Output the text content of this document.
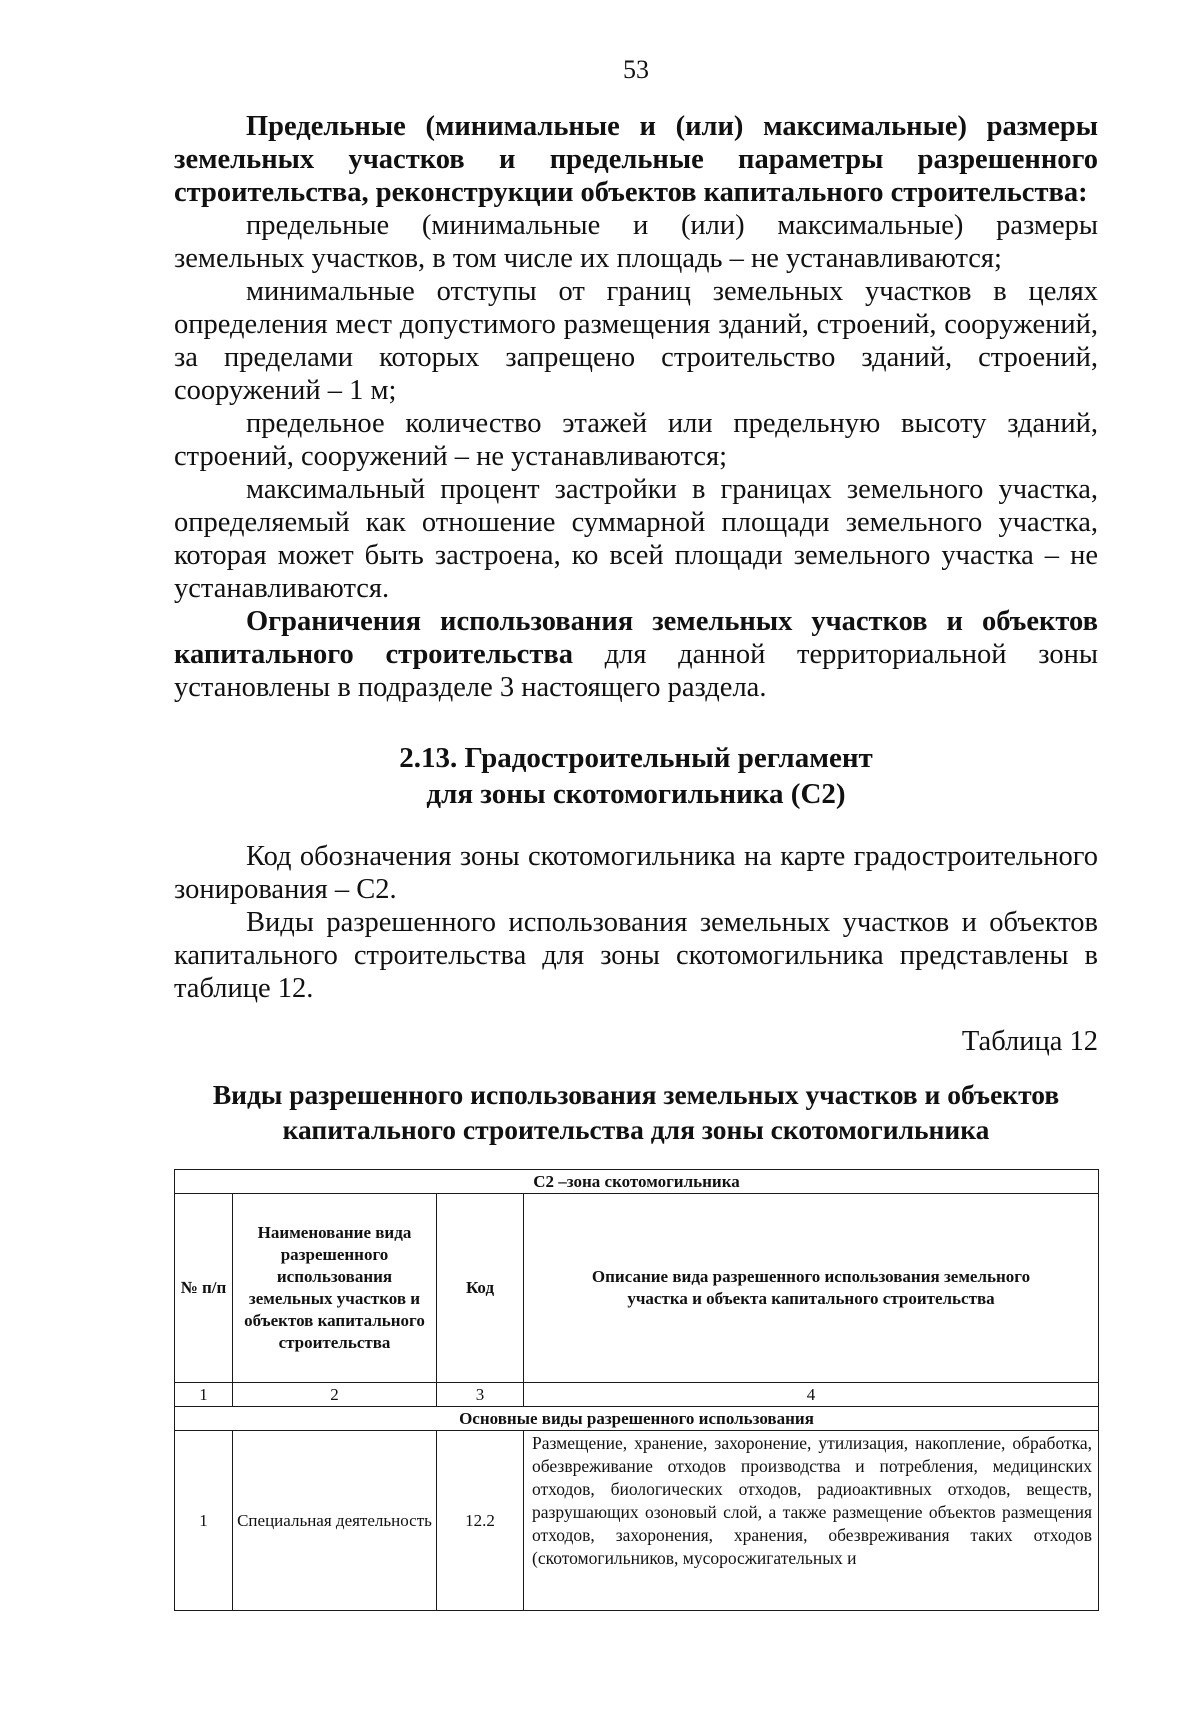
53

Предельные (минимальные и (или) максимальные) размеры земельных участков и предельные параметры разрешенного строительства, реконструкции объектов капитального строительства:

предельные (минимальные и (или) максимальные) размеры земельных участков, в том числе их площадь – не устанавливаются;

минимальные отступы от границ земельных участков в целях определения мест допустимого размещения зданий, строений, сооружений, за пределами которых запрещено строительство зданий, строений, сооружений – 1 м;

предельное количество этажей или предельную высоту зданий, строений, сооружений – не устанавливаются;

максимальный процент застройки в границах земельного участка, определяемый как отношение суммарной площади земельного участка, которая может быть застроена, ко всей площади земельного участка – не устанавливаются.

Ограничения использования земельных участков и объектов капитального строительства для данной территориальной зоны установлены в подразделе 3 настоящего раздела.

2.13. Градостроительный регламент
для зоны скотомогильника (С2)

Код обозначения зоны скотомогильника на карте градостроительного зонирования – С2.

Виды разрешенного использования земельных участков и объектов капитального строительства для зоны скотомогильника представлены в таблице 12.

Таблица 12
Виды разрешенного использования земельных участков и объектов
капитального строительства для зоны скотомогильника
С2 –зона скотомогильника			
№ п/п	Наименование вида разрешенного использования земельных участков и объектов капитального строительства	Код	Описание вида разрешенного использования земельного участка и объекта капитального строительства
1	2	3	4
Основные виды разрешенного использования			
1	Специальная деятельность	12.2	Размещение, хранение, захоронение, утилизация, накопление, обработка, обезвреживание отходов производства и потребления, медицинских отходов, биологических отходов, радиоактивных отходов, веществ, разрушающих озоновый слой, а также размещение объектов размещения отходов, захоронения, хранения, обезвреживания таких отходов (скотомогильников, мусоросжигательных и
